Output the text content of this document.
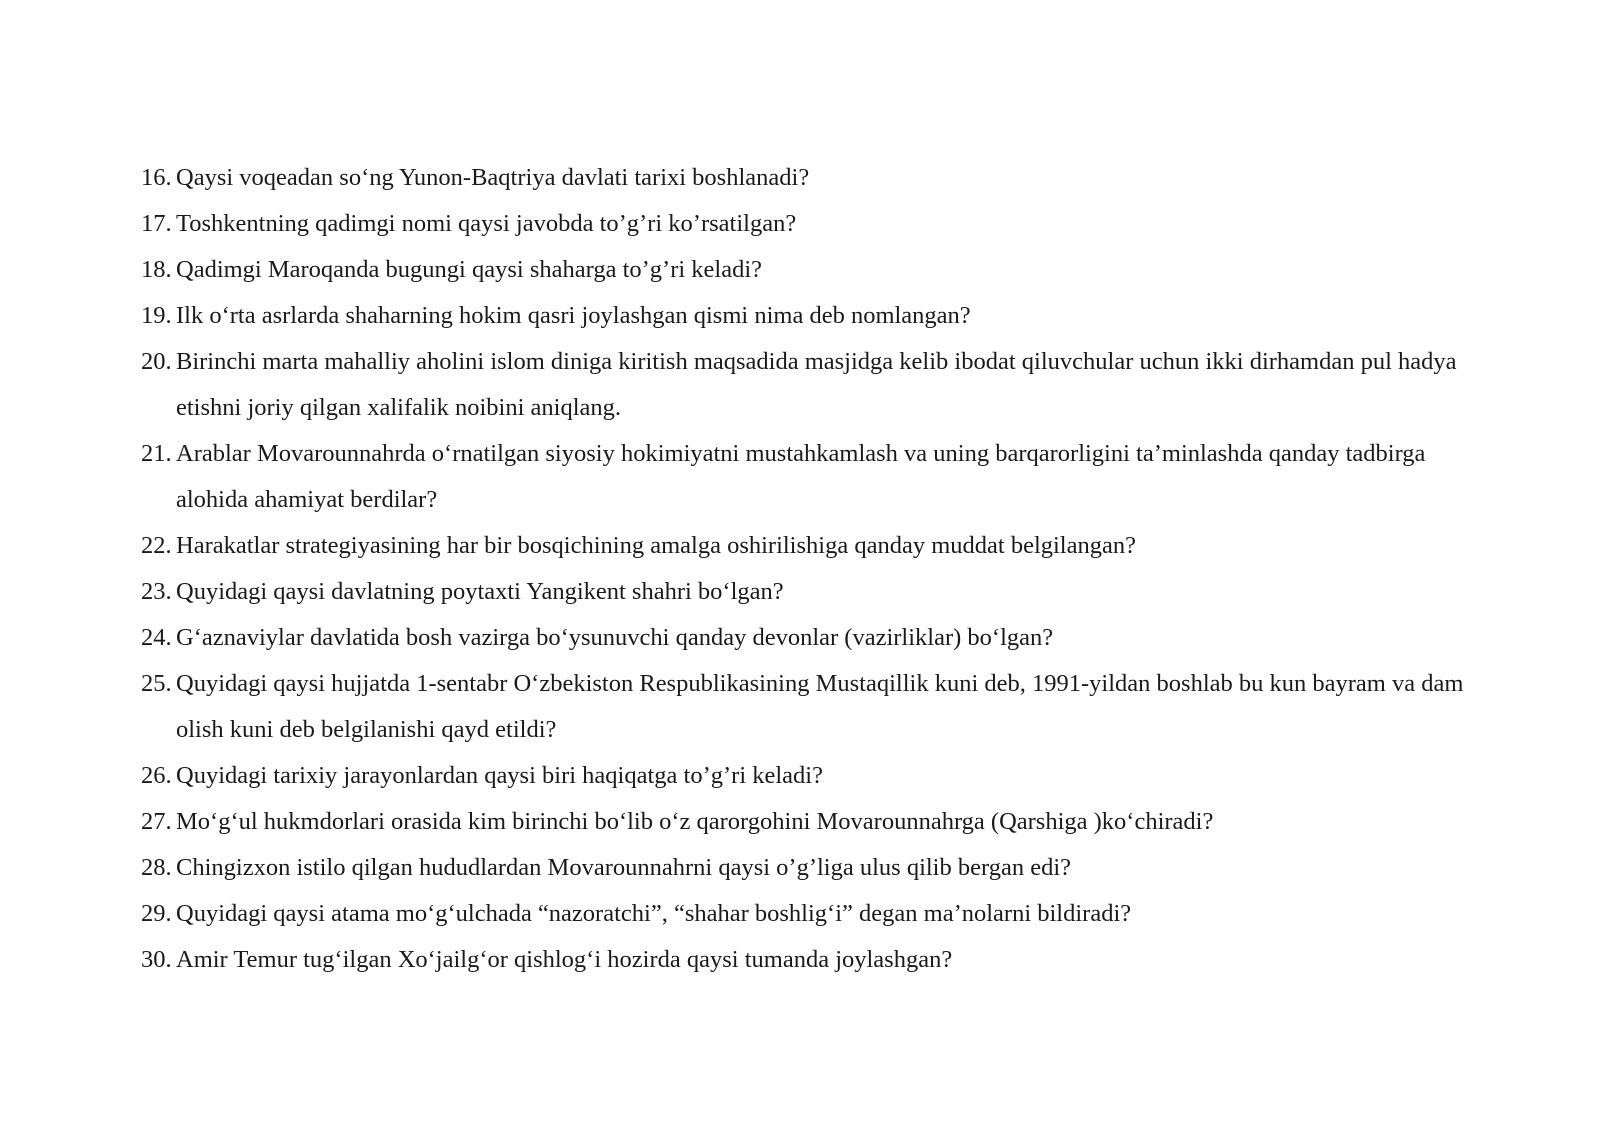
16. Qaysi voqeadan so‘ng Yunon-Baqtriya davlati tarixi boshlanadi?
17. Toshkentning qadimgi nomi qaysi javobda to’g’ri ko’rsatilgan?
18. Qadimgi Maroqanda bugungi qaysi shaharga to’g’ri keladi?
19. Ilk o‘rta asrlarda shaharning hokim qasri joylashgan qismi nima deb nomlangan?
20. Birinchi marta mahalliy aholini islom diniga kiritish maqsadida masjidga kelib ibodat qiluvchular uchun ikki dirhamdan pul hadya etishni joriy qilgan xalifalik noibini aniqlang.
21. Arablar Movarounnahrda o‘rnatilgan siyosiy hokimiyatni mustahkamlash va uning barqarorligini ta’minlashda qanday tadbirga alohida ahamiyat berdilar?
22. Harakatlar strategiyasining har bir bosqichining amalga oshirilishiga qanday muddat belgilangan?
23. Quyidagi qaysi davlatning poytaxti Yangikent shahri bo‘lgan?
24. G‘aznaviylar davlatida bosh vazirga bo‘ysunuvchi qanday devonlar (vazirliklar) bo‘lgan?
25. Quyidagi qaysi hujjatda 1-sentabr O‘zbekiston Respublikasining Mustaqillik kuni deb, 1991-yildan boshlab bu kun bayram va dam olish kuni deb belgilanishi qayd etildi?
26. Quyidagi tarixiy jarayonlardan qaysi biri haqiqatga to’g’ri keladi?
27. Mo‘g‘ul hukmdorlari orasida kim birinchi bo‘lib o‘z qarorgohini Movarounnahrga (Qarshiga )ko‘chiradi?
28. Chingizxon istilo qilgan hududlardan Movarounnahrni qaysi o’g’liga ulus qilib bergan edi?
29. Quyidagi qaysi atama mo‘g‘ulchada “nazoratchi”, “shahar boshlig‘i” degan ma’nolarni bildiradi?
30. Amir Temur tug‘ilgan Xo‘jailg‘or qishlog‘i hozirda qaysi tumanda joylashgan?
